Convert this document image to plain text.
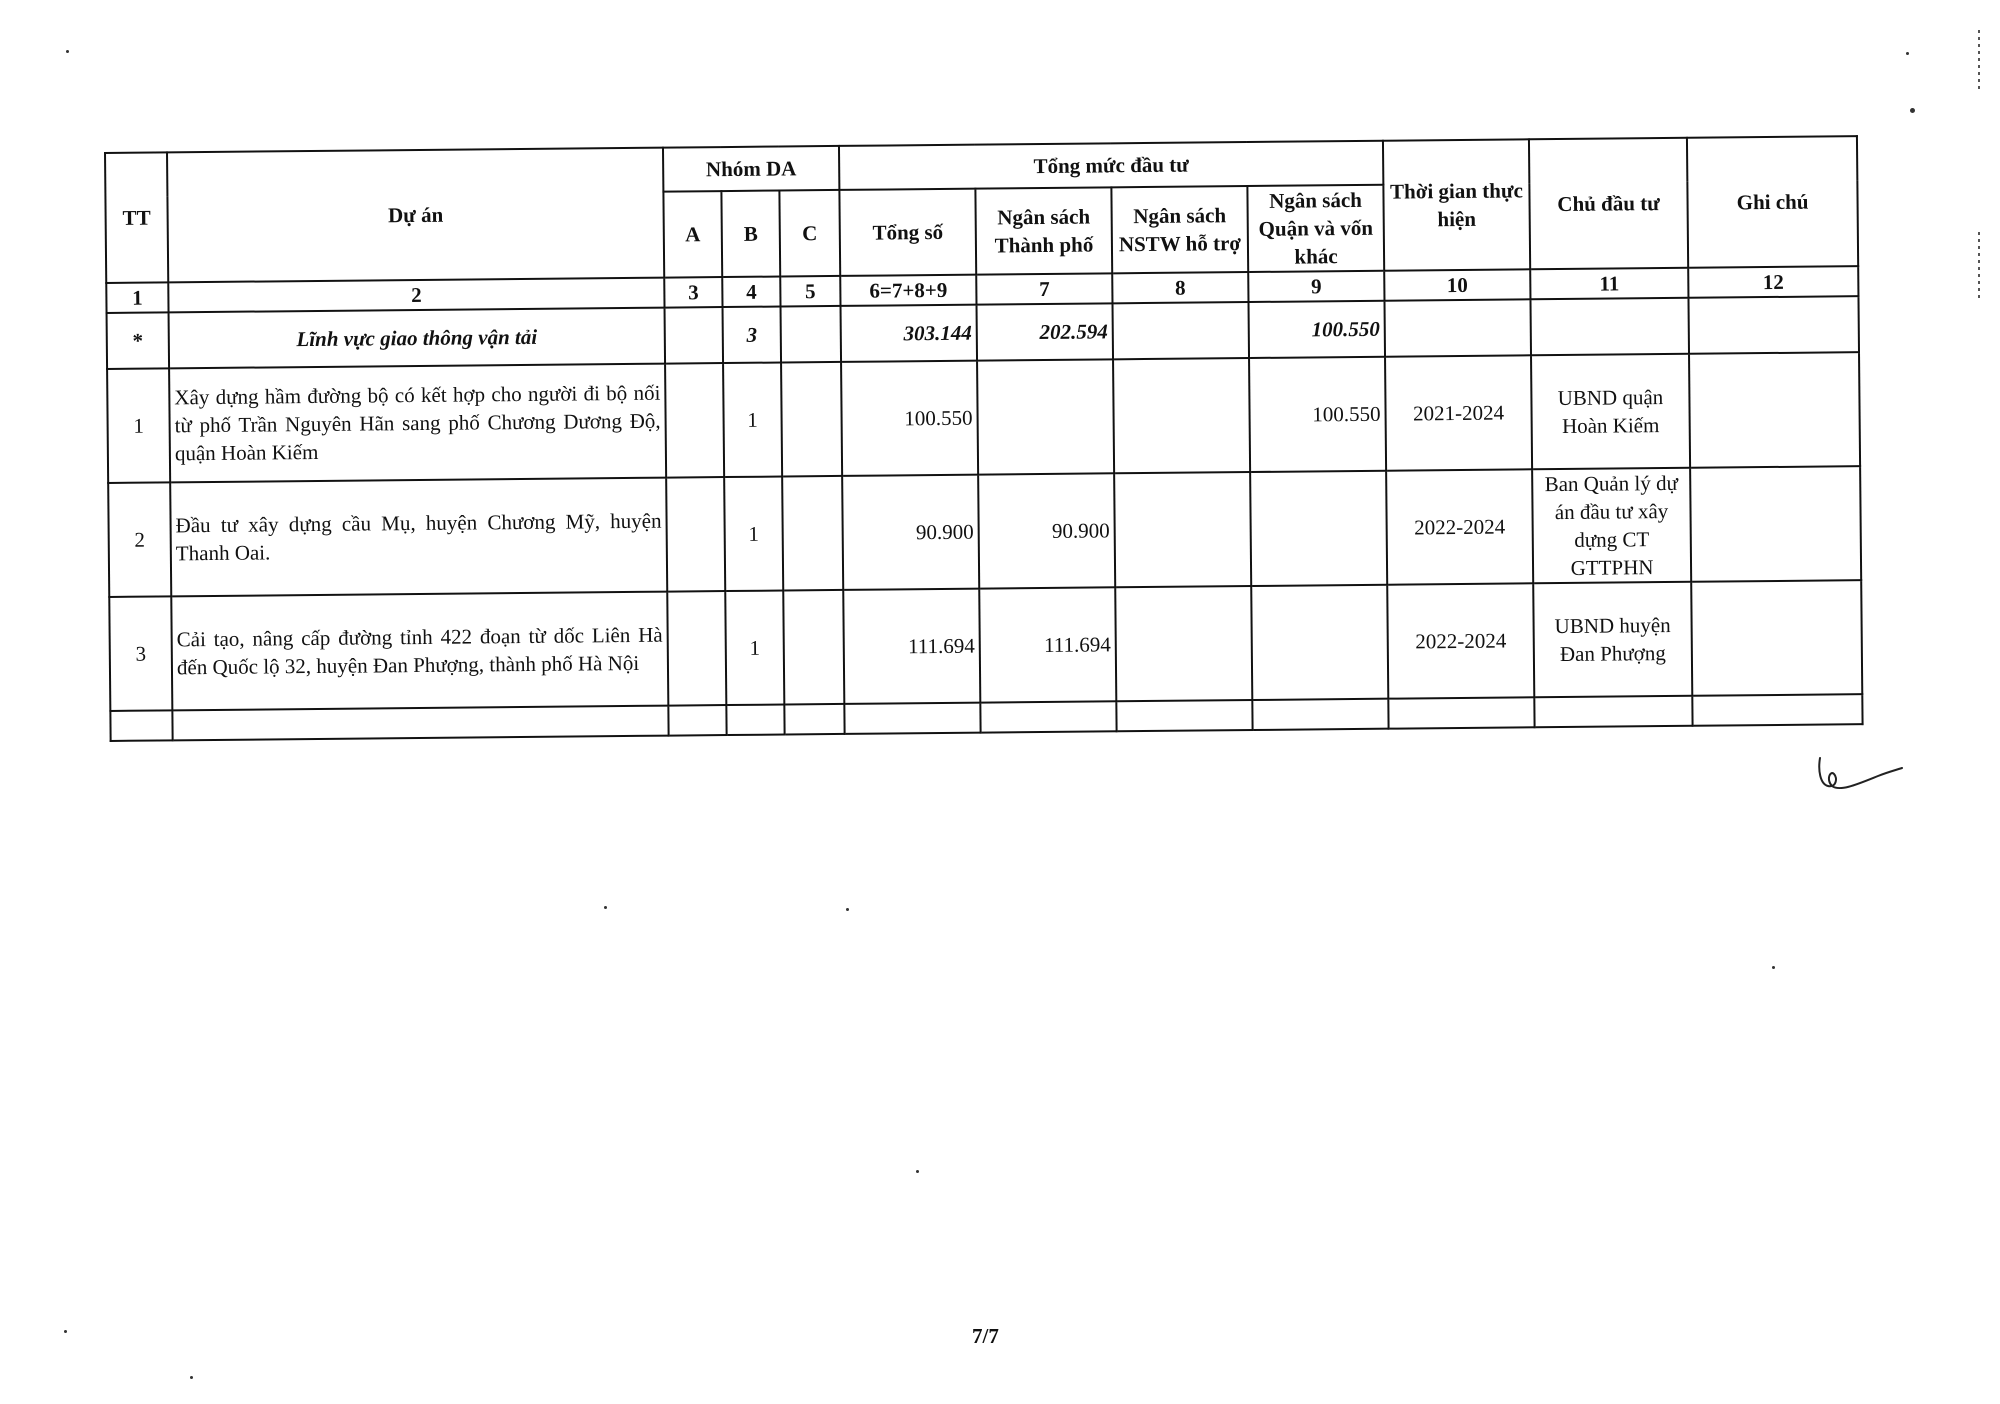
TT	Dự án	Nhóm DA			Tổng mức đầu tư				Thời gian thực hiện	Chủ đầu tư	Ghi chú
		A	B	C	Tổng số	Ngân sách Thành phố	Ngân sách NSTW hỗ trợ	Ngân sách Quận và vốn khác			
1	2	3	4	5	6=7+8+9	7	8	9	10	11	12
*	Lĩnh vực giao thông vận tải		3		303.144	202.594		100.550			
1	Xây dựng hầm đường bộ có kết hợp cho người đi bộ nối từ phố Trần Nguyên Hãn sang phố Chương Dương Độ, quận Hoàn Kiếm		1		100.550			100.550	2021-2024	UBND quận Hoàn Kiếm	
2	Đầu tư xây dựng cầu Mụ, huyện Chương Mỹ, huyện Thanh Oai.		1		90.900	90.900			2022-2024	Ban Quản lý dự án đầu tư xây dựng CT GTTPHN	
3	Cải tạo, nâng cấp đường tỉnh 422 đoạn từ dốc Liên Hà đến Quốc lộ 32, huyện Đan Phượng, thành phố Hà Nội		1		111.694	111.694			2022-2024	UBND huyện Đan Phượng	

7/7
